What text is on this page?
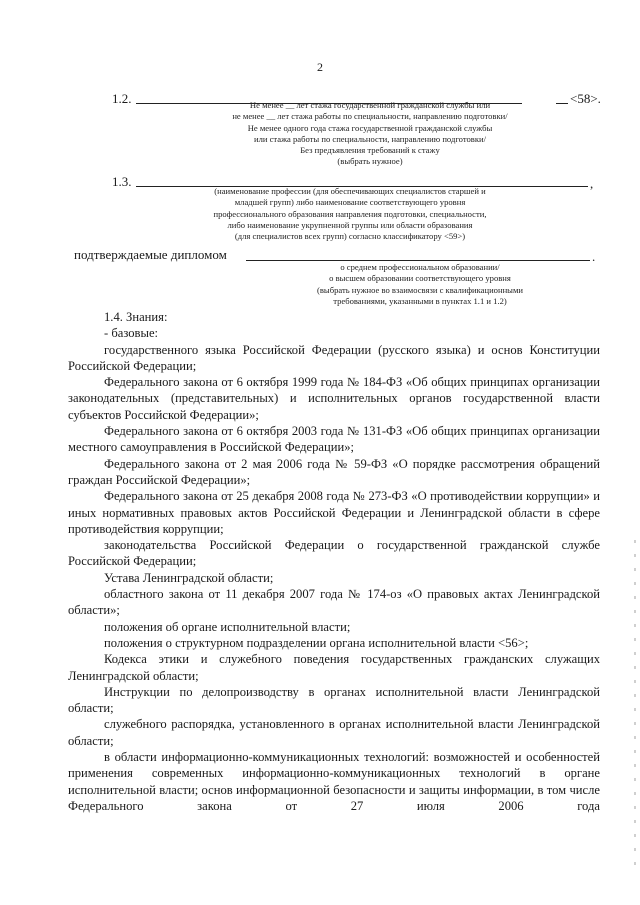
2
1.2.	<58>.
Не менее __ лет стажа государственной гражданской службы или
не менее __ лет стажа работы по специальности, направлению подготовки/
Не менее одного года стажа государственной гражданской службы
или стажа работы по специальности, направлению подготовки/
Без предъявления требований к стажу
(выбрать нужное)
1.3.	,
(наименование профессии (для обеспечивающих специалистов старшей и
младшей групп) либо наименование соответствующего уровня
профессионального образования направления подготовки, специальности,
либо наименование укрупненной группы или области образования
(для специалистов всех групп) согласно классификатору <59>)
подтверждаемые дипломом	.
о среднем профессиональном образовании/
о высшем образовании соответствующего уровня
(выбрать нужное во взаимосвязи с квалификационными
требованиями, указанными в пунктах 1.1 и 1.2)

1.4. Знания:

- базовые:

государственного языка Российской Федерации (русского языка) и основ Конституции Российской Федерации;

Федерального закона от 6 октября 1999 года № 184-ФЗ «Об общих принципах организации законодательных (представительных) и исполнительных органов государственной власти субъектов Российской Федерации»;

Федерального закона от 6 октября 2003 года № 131-ФЗ «Об общих принципах организации местного самоуправления в Российской Федерации»;

Федерального закона от 2 мая 2006 года № 59-ФЗ «О порядке рассмотрения обращений граждан Российской Федерации»;

Федерального закона от 25 декабря 2008 года № 273-ФЗ «О противодействии коррупции» и иных нормативных правовых актов Российской Федерации и Ленинградской области в сфере противодействия коррупции;

законодательства Российской Федерации о государственной гражданской службе Российской Федерации;

Устава Ленинградской области;

областного закона от 11 декабря 2007 года № 174-оз «О правовых актах Ленинградской области»;

положения об органе исполнительной власти;

положения о структурном подразделении органа исполнительной власти <56>;

Кодекса этики и служебного поведения государственных гражданских служащих Ленинградской области;

Инструкции по делопроизводству в органах исполнительной власти Ленинградской области;

служебного распорядка, установленного в органах исполнительной власти Ленинградской области;

в области информационно-коммуникационных технологий: возможностей и особенностей применения современных информационно-коммуникационных технологий в органе исполнительной власти; основ информационной безопасности и защиты информации, в том числе Федерального закона от 27 июля 2006 года
